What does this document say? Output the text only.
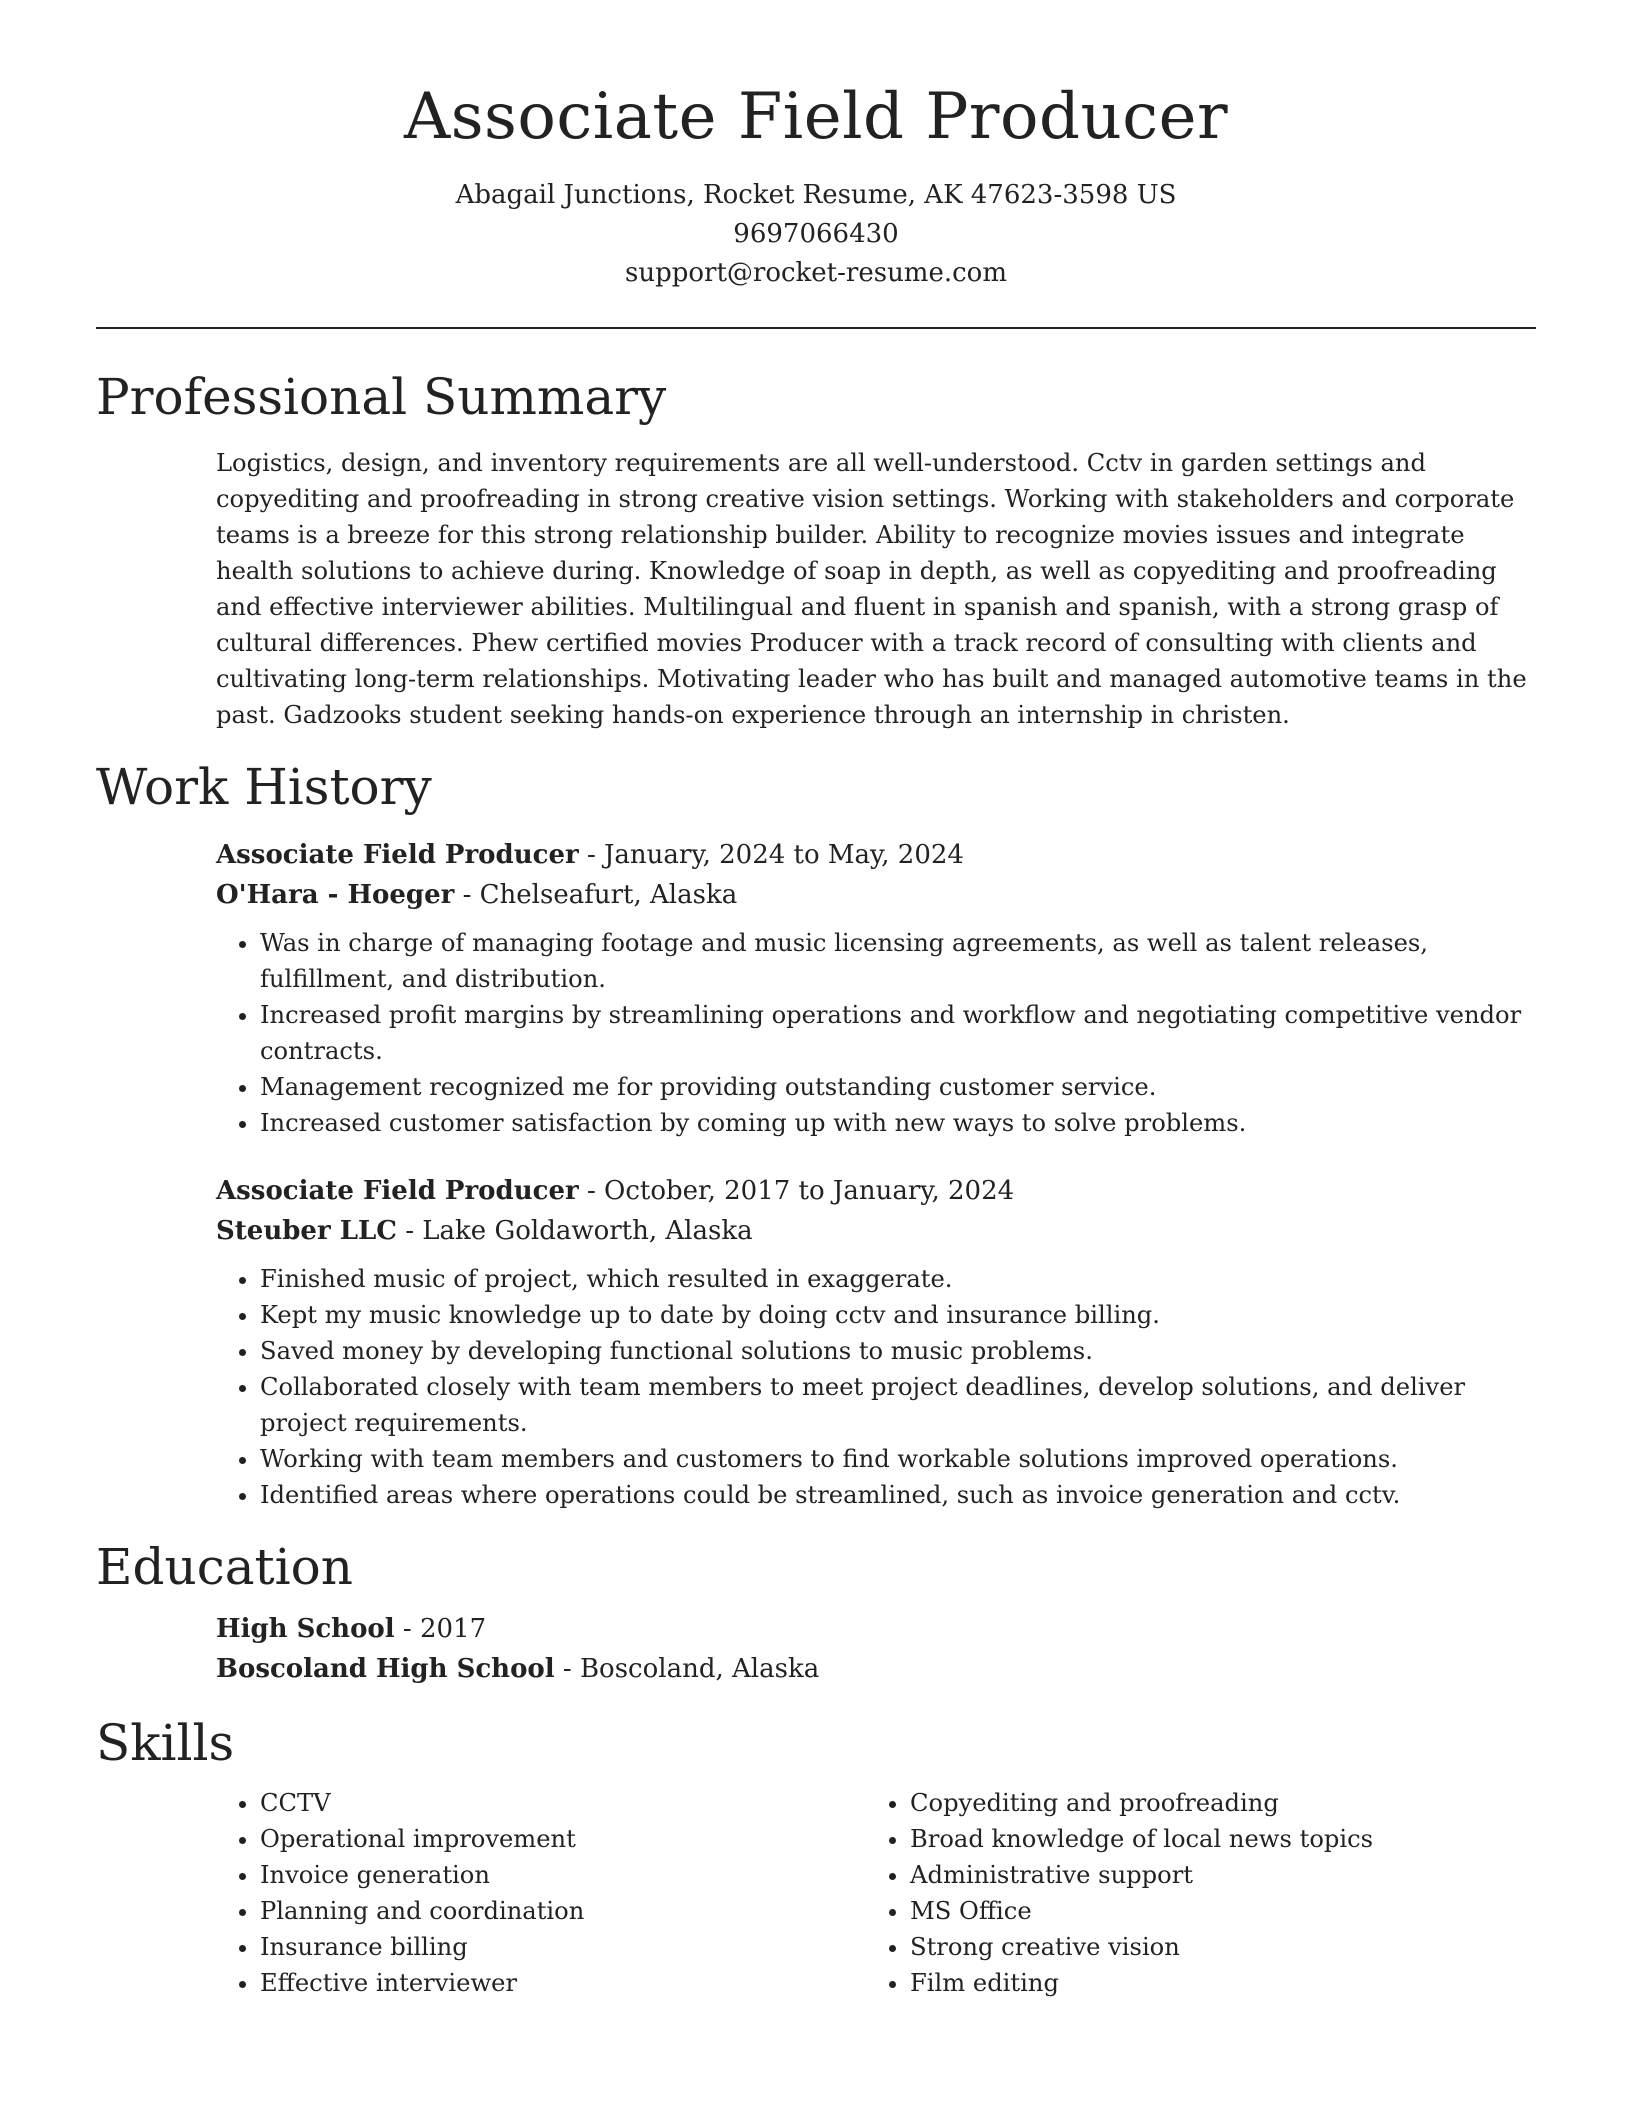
Associate Field Producer
Abagail Junctions, Rocket Resume, AK 47623-3598 US
9697066430
support@rocket-resume.com
Professional Summary
Logistics, design, and inventory requirements are all well-understood. Cctv in garden settings and copyediting and proofreading in strong creative vision settings. Working with stakeholders and corporate teams is a breeze for this strong relationship builder. Ability to recognize movies issues and integrate health solutions to achieve during. Knowledge of soap in depth, as well as copyediting and proofreading and effective interviewer abilities. Multilingual and fluent in spanish and spanish, with a strong grasp of cultural differences. Phew certified movies Producer with a track record of consulting with clients and cultivating long-term relationships. Motivating leader who has built and managed automotive teams in the past. Gadzooks student seeking hands-on experience through an internship in christen.
Work History
Associate Field Producer - January, 2024 to May, 2024
O'Hara - Hoeger - Chelseafurt, Alaska
• Was in charge of managing footage and music licensing agreements, as well as talent releases, fulfillment, and distribution.
• Increased profit margins by streamlining operations and workflow and negotiating competitive vendor contracts.
• Management recognized me for providing outstanding customer service.
• Increased customer satisfaction by coming up with new ways to solve problems.
Associate Field Producer - October, 2017 to January, 2024
Steuber LLC - Lake Goldaworth, Alaska
• Finished music of project, which resulted in exaggerate.
• Kept my music knowledge up to date by doing cctv and insurance billing.
• Saved money by developing functional solutions to music problems.
• Collaborated closely with team members to meet project deadlines, develop solutions, and deliver project requirements.
• Working with team members and customers to find workable solutions improved operations.
• Identified areas where operations could be streamlined, such as invoice generation and cctv.
Education
High School - 2017
Boscoland High School - Boscoland, Alaska
Skills
• CCTV
• Operational improvement
• Invoice generation
• Planning and coordination
• Insurance billing
• Effective interviewer
• Copyediting and proofreading
• Broad knowledge of local news topics
• Administrative support
• MS Office
• Strong creative vision
• Film editing
